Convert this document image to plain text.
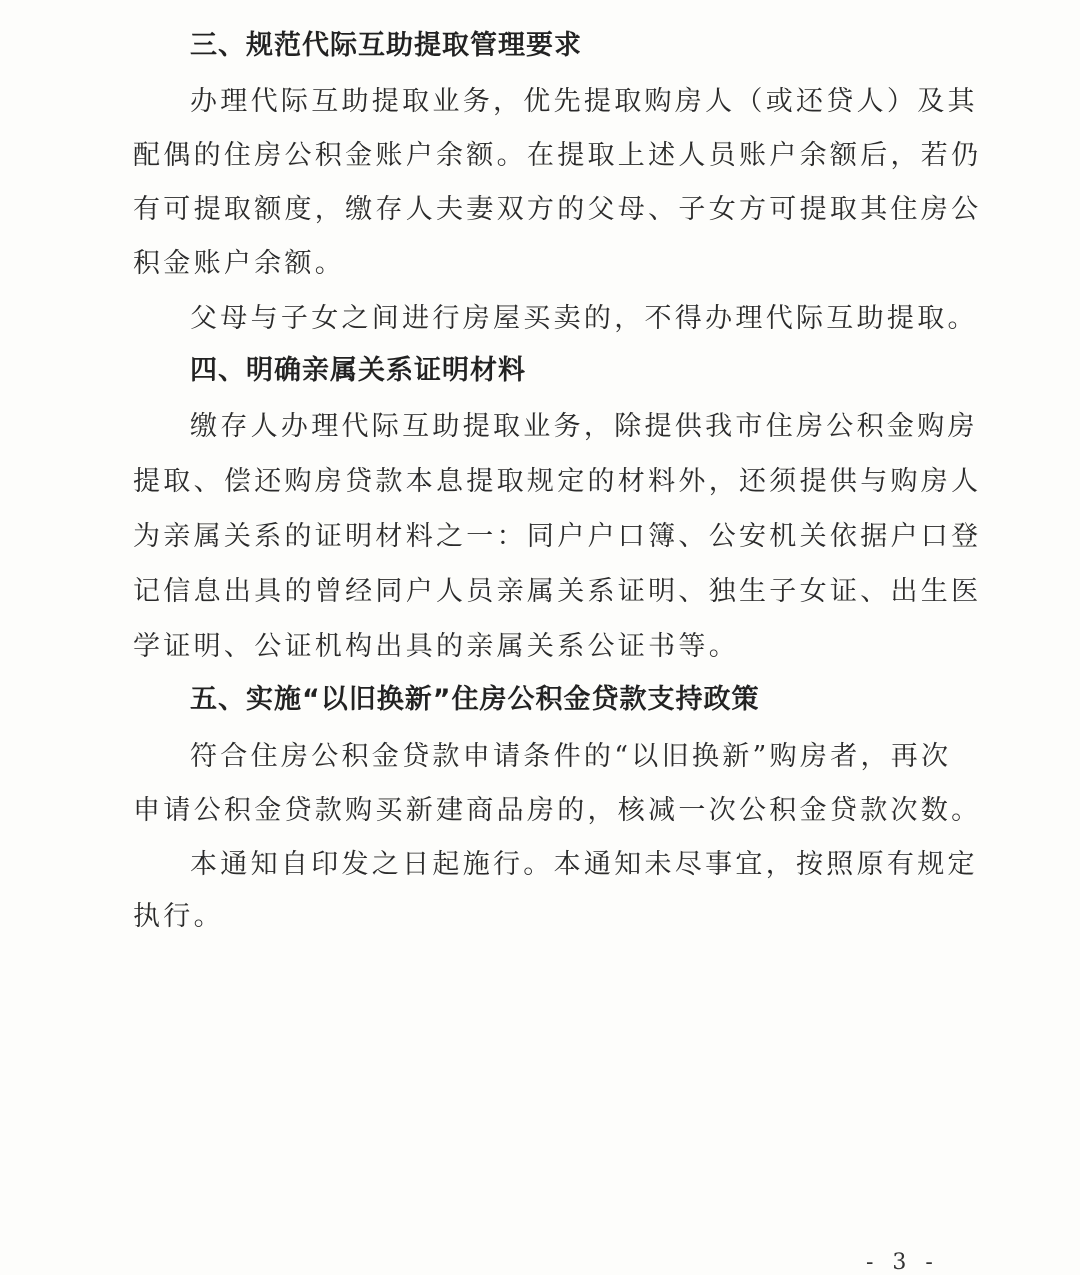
三、规范代际互助提取管理要求
办理代际互助提取业务，优先提取购房人（或还贷人）及其
配偶的住房公积金账户余额。在提取上述人员账户余额后，若仍
有可提取额度，缴存人夫妻双方的父母、子女方可提取其住房公
积金账户余额。
父母与子女之间进行房屋买卖的，不得办理代际互助提取。
四、明确亲属关系证明材料
缴存人办理代际互助提取业务，除提供我市住房公积金购房
提取、偿还购房贷款本息提取规定的材料外，还须提供与购房人
为亲属关系的证明材料之一：同户户口簿、公安机关依据户口登
记信息出具的曾经同户人员亲属关系证明、独生子女证、出生医
学证明、公证机构出具的亲属关系公证书等。
五、实施“以旧换新”住房公积金贷款支持政策
符合住房公积金贷款申请条件的“以旧换新”购房者，再次
申请公积金贷款购买新建商品房的，核减一次公积金贷款次数。
本通知自印发之日起施行。本通知未尽事宜，按照原有规定
执行。
- 3 -
